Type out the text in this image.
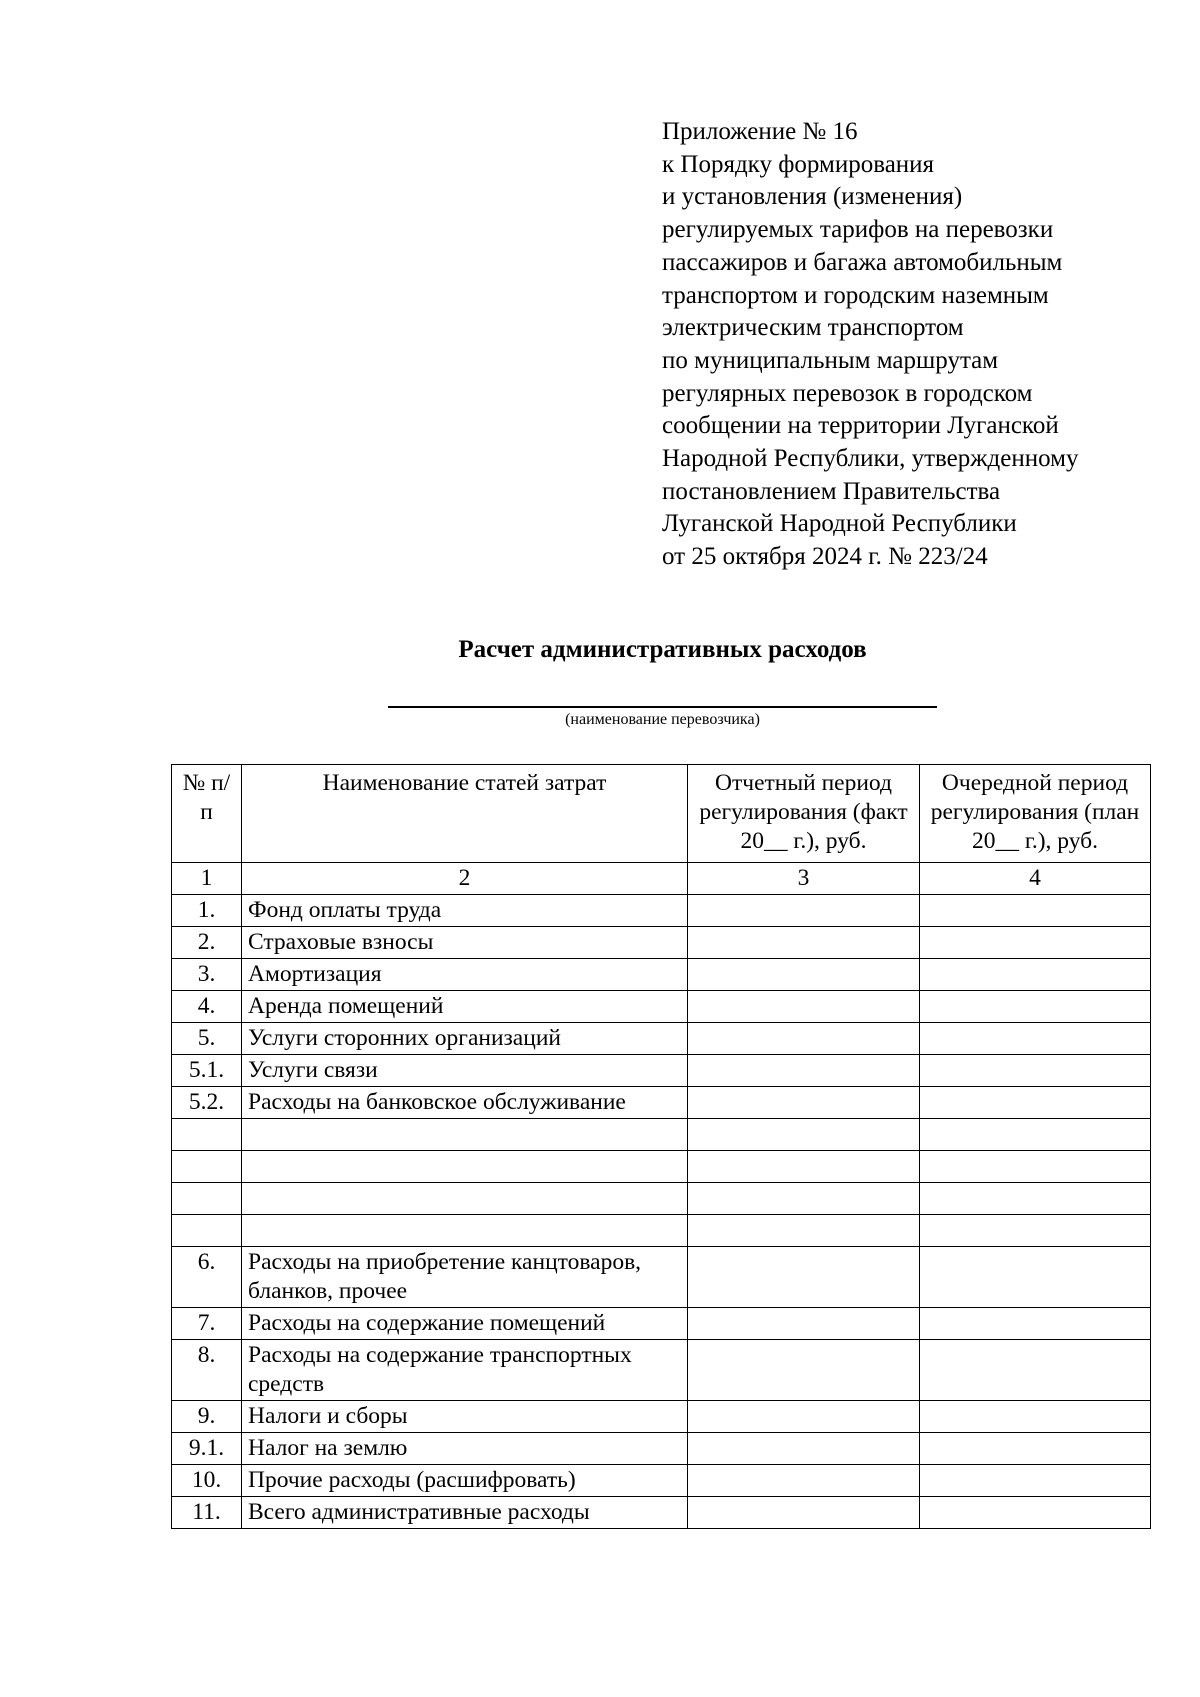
Приложение № 16
к Порядку формирования
и установления (изменения)
регулируемых тарифов на перевозки
пассажиров и багажа автомобильным
транспортом и городским наземным
электрическим транспортом
по муниципальным маршрутам
регулярных перевозок в городском
сообщении на территории Луганской
Народной Республики, утвержденному
постановлением Правительства
Луганской Народной Республики
от 25 октября 2024 г. № 223/24
Расчет административных расходов
(наименование перевозчика)
№ п/п	Наименование статей затрат	Отчетный период регулирования (факт 20__ г.), руб.	Очередной период регулирования (план 20__ г.), руб.
1	2	3	4
1.	Фонд оплаты труда		
2.	Страховые взносы		
3.	Амортизация		
4.	Аренда помещений		
5.	Услуги сторонних организаций		
5.1.	Услуги связи		
5.2.	Расходы на банковское обслуживание		

6.	Расходы на приобретение канцтоваров, бланков, прочее		
7.	Расходы на содержание помещений		
8.	Расходы на содержание транспортных средств		
9.	Налоги и сборы		
9.1.	Налог на землю		
10.	Прочие расходы (расшифровать)		
11.	Всего административные расходы		
